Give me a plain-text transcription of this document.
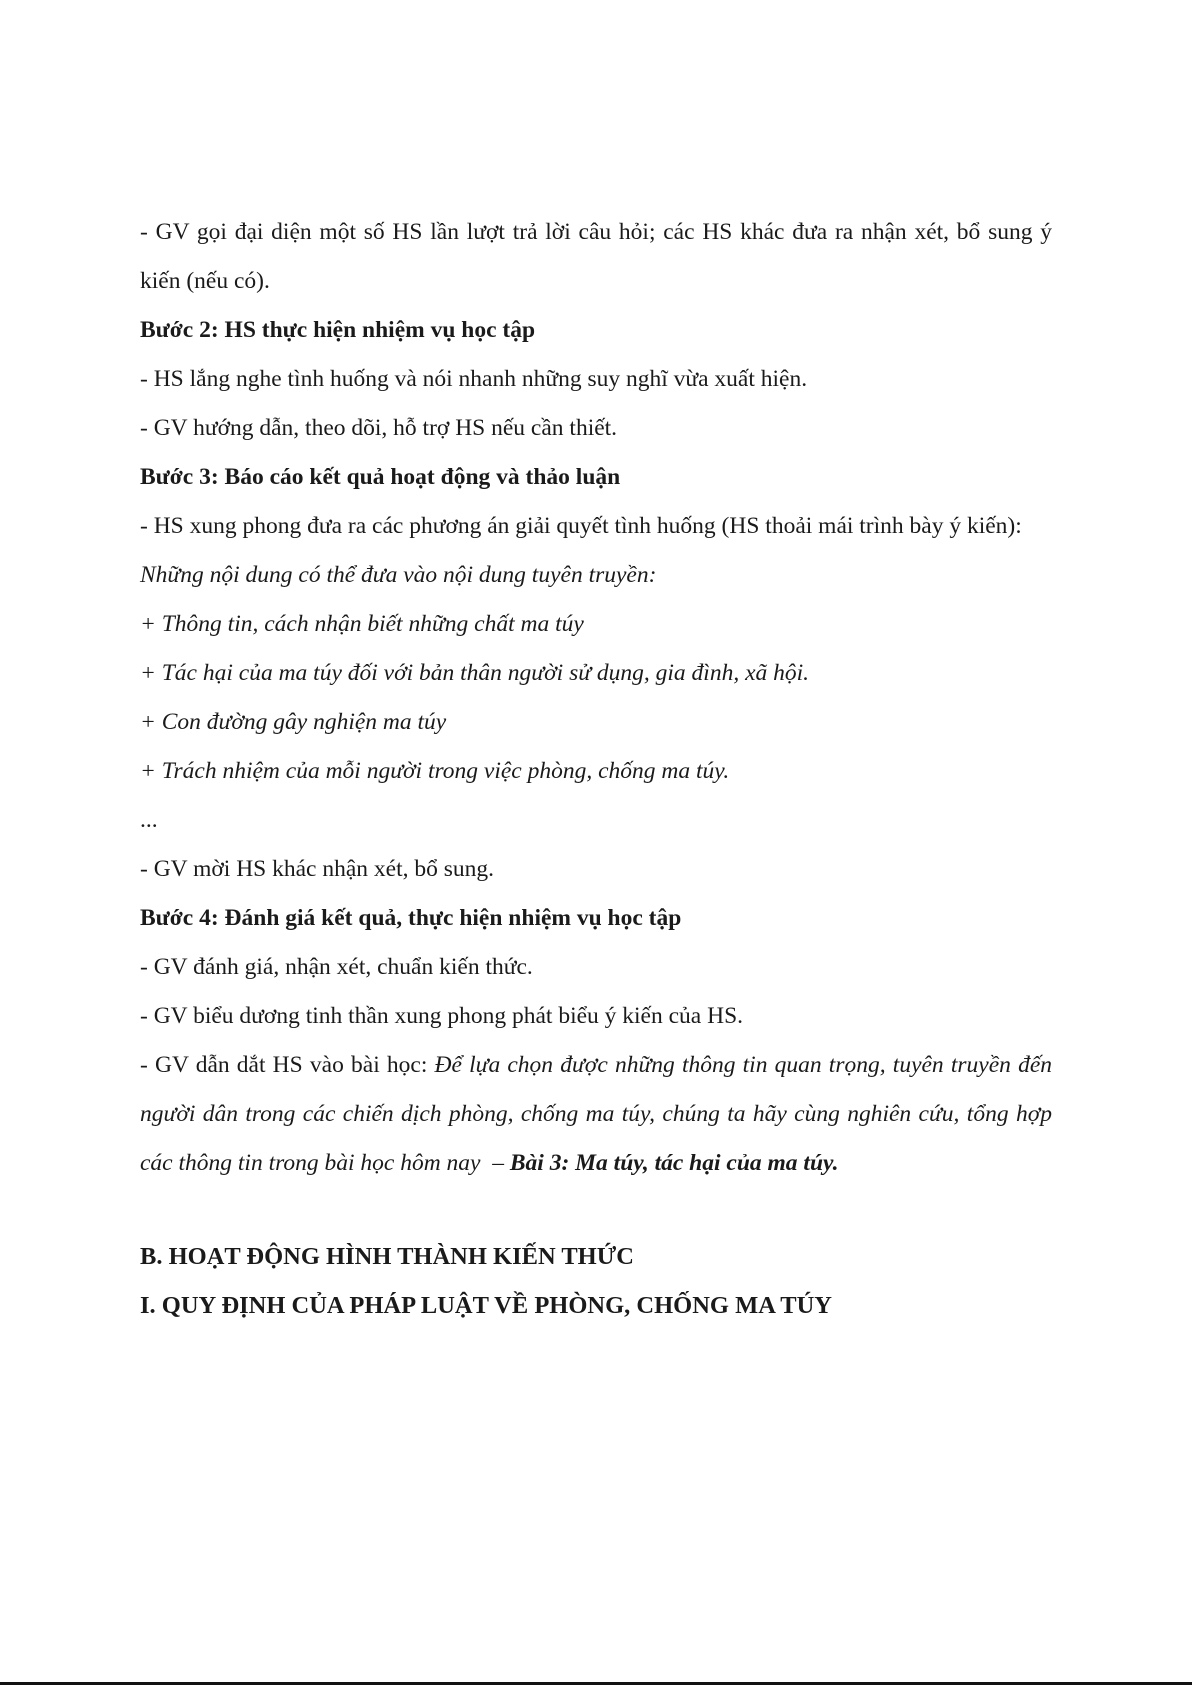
- GV gọi đại diện một số HS lần lượt trả lời câu hỏi; các HS khác đưa ra nhận xét, bổ sung ý kiến (nếu có).

Bước 2: HS thực hiện nhiệm vụ học tập

- HS lắng nghe tình huống và nói nhanh những suy nghĩ vừa xuất hiện.

- GV hướng dẫn, theo dõi, hỗ trợ HS nếu cần thiết.

Bước 3: Báo cáo kết quả hoạt động và thảo luận

- HS xung phong đưa ra các phương án giải quyết tình huống (HS thoải mái trình bày ý kiến):

Những nội dung có thể đưa vào nội dung tuyên truyền:

+ Thông tin, cách nhận biết những chất ma túy

+ Tác hại của ma túy đối với bản thân người sử dụng, gia đình, xã hội.

+ Con đường gây nghiện ma túy

+ Trách nhiệm của mỗi người trong việc phòng, chống ma túy.

...

- GV mời HS khác nhận xét, bổ sung.

Bước 4: Đánh giá kết quả, thực hiện nhiệm vụ học tập

- GV đánh giá, nhận xét, chuẩn kiến thức.

- GV biểu dương tinh thần xung phong phát biểu ý kiến của HS.

- GV dẫn dắt HS vào bài học: Để lựa chọn được những thông tin quan trọng, tuyên truyền đến người dân trong các chiến dịch phòng, chống ma túy, chúng ta hãy cùng nghiên cứu, tổng hợp các thông tin trong bài học hôm nay  – Bài 3: Ma túy, tác hại của ma túy.

B. HOẠT ĐỘNG HÌNH THÀNH KIẾN THỨC

I. QUY ĐỊNH CỦA PHÁP LUẬT VỀ PHÒNG, CHỐNG MA TÚY
